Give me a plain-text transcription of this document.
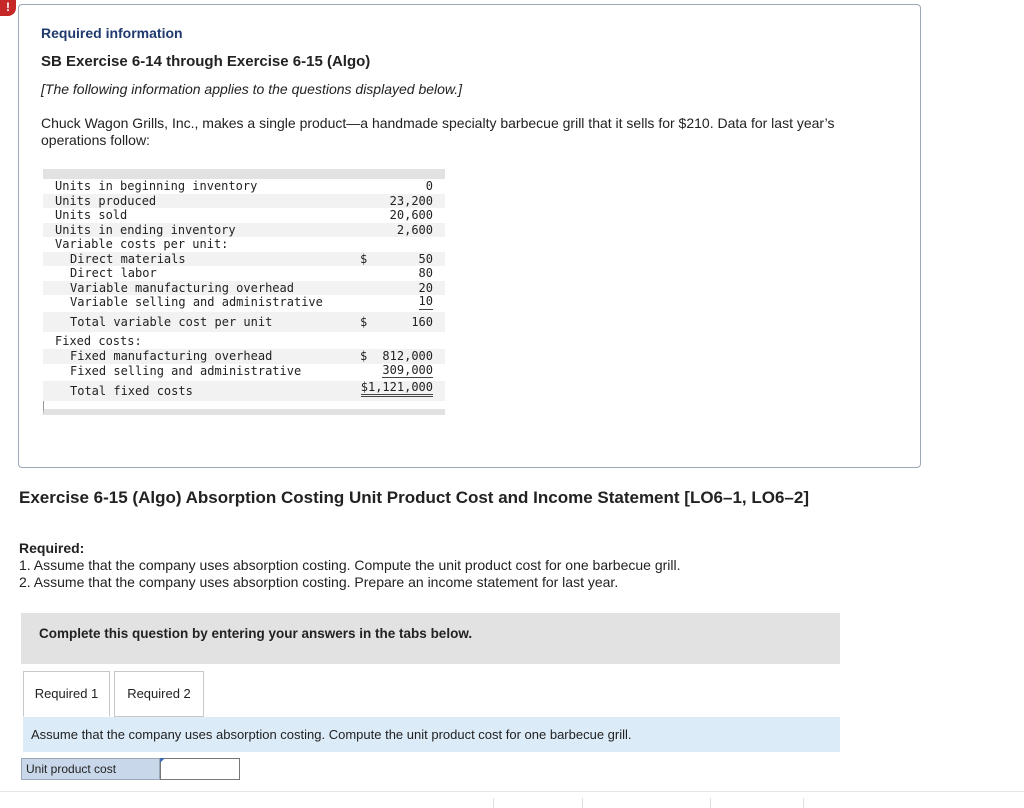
!
Required information
SB Exercise 6-14 through Exercise 6-15 (Algo)
[The following information applies to the questions displayed below.]
Chuck Wagon Grills, Inc., makes a single product—a handmade specialty barbecue grill that it sells for $210. Data for last year’s operations follow:
Units in beginning inventory	0
Units produced	23,200
Units sold	20,600
Units in ending inventory	2,600
Variable costs per unit:
Direct materials	$	50
Direct labor	80
Variable manufacturing overhead	20
Variable selling and administrative	10
Total variable cost per unit	$	160
Fixed costs:
Fixed manufacturing overhead	$ 812,000
Fixed selling and administrative	309,000
Total fixed costs	$1,121,000
Exercise 6-15 (Algo) Absorption Costing Unit Product Cost and Income Statement [LO6–1, LO6–2]
Required:
1. Assume that the company uses absorption costing. Compute the unit product cost for one barbecue grill.
2. Assume that the company uses absorption costing. Prepare an income statement for last year.
Complete this question by entering your answers in the tabs below.
Required 1	Required 2
Assume that the company uses absorption costing. Compute the unit product cost for one barbecue grill.
Unit product cost
